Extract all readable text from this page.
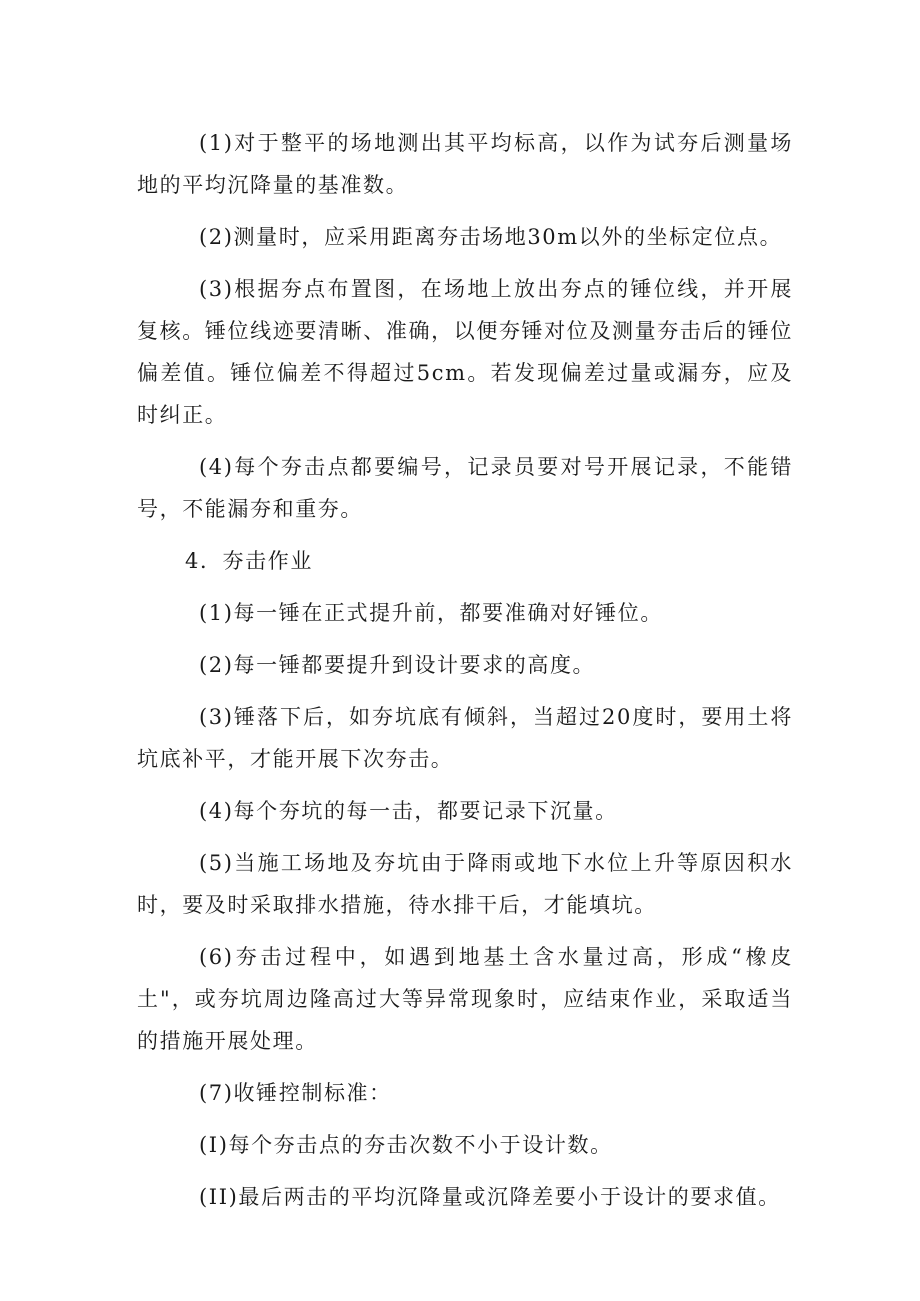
(1)对于整平的场地测出其平均标高，以作为试夯后测量场地的平均沉降量的基准数。

(2)测量时，应采用距离夯击场地30m以外的坐标定位点。

(3)根据夯点布置图，在场地上放出夯点的锤位线，并开展复核。锤位线迹要清晰、准确，以便夯锤对位及测量夯击后的锤位偏差值。锤位偏差不得超过5cm。若发现偏差过量或漏夯，应及时纠正。

(4)每个夯击点都要编号，记录员要对号开展记录，不能错号，不能漏夯和重夯。

4．夯击作业

(1)每一锤在正式提升前，都要准确对好锤位。

(2)每一锤都要提升到设计要求的高度。

(3)锤落下后，如夯坑底有倾斜，当超过20度时，要用土将坑底补平，才能开展下次夯击。

(4)每个夯坑的每一击，都要记录下沉量。

(5)当施工场地及夯坑由于降雨或地下水位上升等原因积水时，要及时采取排水措施，待水排干后，才能填坑。

(6)夯击过程中，如遇到地基土含水量过高，形成“橡皮土"，或夯坑周边隆高过大等异常现象时，应结束作业，采取适当的措施开展处理。

(7)收锤控制标准：

(I)每个夯击点的夯击次数不小于设计数。

(II)最后两击的平均沉降量或沉降差要小于设计的要求值。
